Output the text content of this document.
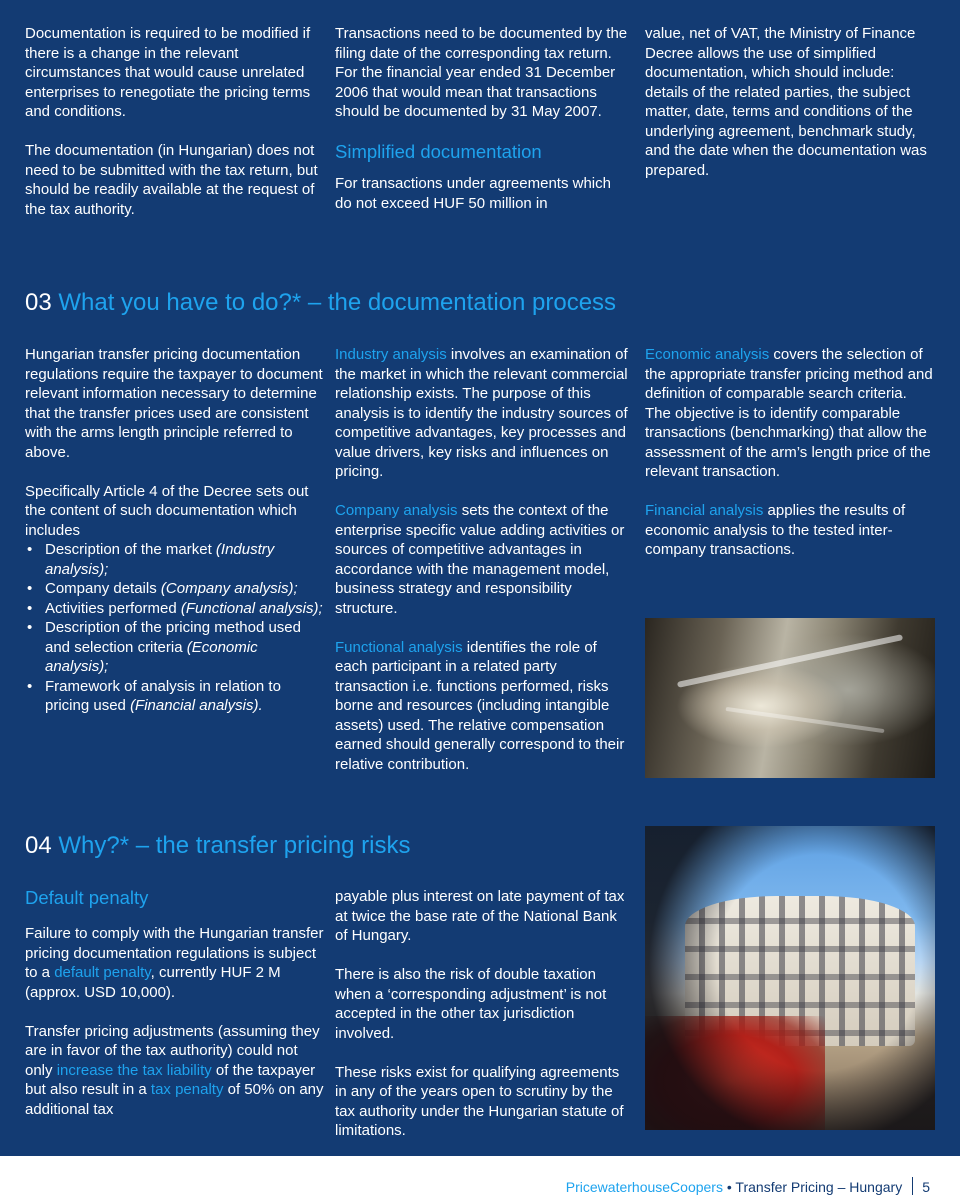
Documentation is required to be modified if there is a change in the relevant circumstances that would cause unrelated enterprises to renegotiate the pricing terms and conditions.

The documentation (in Hungarian) does not need to be submitted with the tax return, but should be readily available at the request of the tax authority.

Transactions need to be documented by the filing date of the corresponding tax return. For the financial year ended 31 December 2006 that would mean that transactions should be documented by 31 May 2007.

Simplified documentation

For transactions under agreements which do not exceed HUF 50 million in

value, net of VAT, the Ministry of Finance Decree allows the use of simplified documentation, which should include: details of the related parties, the subject matter, date, terms and conditions of the underlying agreement, benchmark study, and the date when the documentation was prepared.

03 What you have to do?* – the documentation process

Hungarian transfer pricing documentation regulations require the taxpayer to document relevant information necessary to determine that the transfer prices used are consistent with the arms length principle referred to above.

Specifically Article 4 of the Decree sets out the content of such documentation which includes

• Description of the market (Industry analysis);
• Company details (Company analysis);
• Activities performed (Functional analysis);
• Description of the pricing method used and selection criteria (Economic analysis);
• Framework of analysis in relation to pricing used (Financial analysis).

Industry analysis involves an examination of the market in which the relevant commercial relationship exists. The purpose of this analysis is to identify the industry sources of competitive advantages, key processes and value drivers, key risks and influences on pricing.

Company analysis sets the context of the enterprise specific value adding activities or sources of competitive advantages in accordance with the management model, business strategy and responsibility structure.

Functional analysis identifies the role of each participant in a related party transaction i.e. functions performed, risks borne and resources (including intangible assets) used. The relative compensation earned should generally correspond to their relative contribution.

Economic analysis covers the selection of the appropriate transfer pricing method and definition of comparable search criteria. The objective is to identify comparable transactions (benchmarking) that allow the assessment of the arm’s length price of the relevant transaction.

Financial analysis applies the results of economic analysis to the tested inter-company transactions.

04 Why?* – the transfer pricing risks
Default penalty

Failure to comply with the Hungarian transfer pricing documentation regulations is subject to a default penalty, currently HUF 2 M (approx. USD 10,000).

Transfer pricing adjustments (assuming they are in favor of the tax authority) could not only increase the tax liability of the taxpayer but also result in a tax penalty of 50% on any additional tax

payable plus interest on late payment of tax at twice the base rate of the National Bank of Hungary.

There is also the risk of double taxation when a ‘corresponding adjustment’ is not accepted in the other tax jurisdiction involved.

These risks exist for qualifying agreements in any of the years open to scrutiny by the tax authority under the Hungarian statute of limitations.

PricewaterhouseCoopers • Transfer Pricing – Hungary 5
